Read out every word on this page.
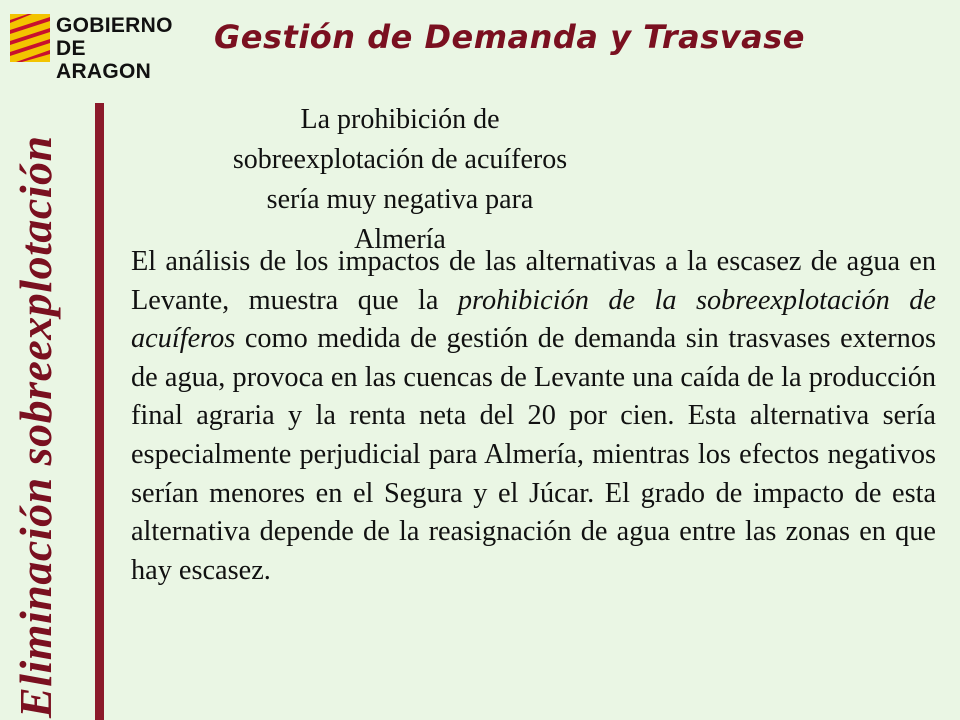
GOBIERNO
DE ARAGON
Gestión de Demanda y Trasvase
Eliminación sobreexplotación
La prohibición de sobreexplotación de acuíferos sería muy negativa para Almería

El análisis de los impactos de las alternativas a la escasez de agua en Levante, muestra que la prohibición de la sobreexplotación de acuíferos como medida de gestión de demanda sin trasvases externos de agua, provoca en las cuencas de Levante una caída de la producción final agraria y la renta neta del 20 por cien. Esta alternativa sería especialmente perjudicial para Almería, mientras los efectos negativos serían menores en el Segura y el Júcar. El grado de impacto de esta alternativa depende de la reasignación de agua entre las zonas en que hay escasez.
